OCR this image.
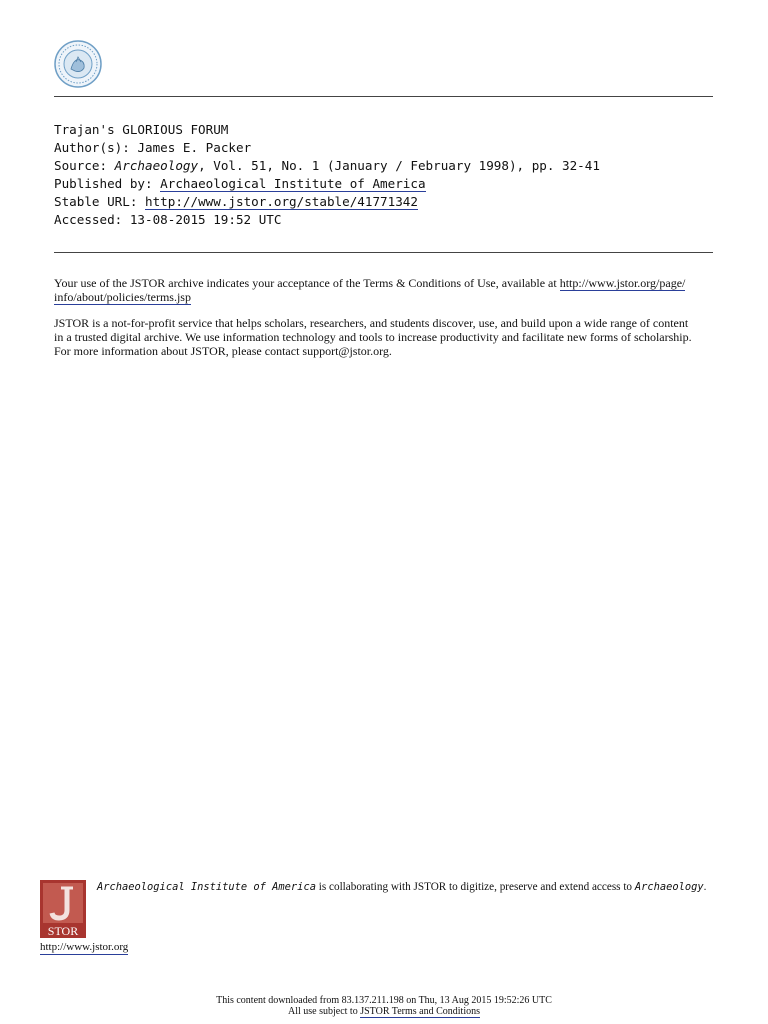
Trajan's GLORIOUS FORUM
Author(s): James E. Packer
Source: Archaeology, Vol. 51, No. 1 (January / February 1998), pp. 32-41
Published by: Archaeological Institute of America
Stable URL: http://www.jstor.org/stable/41771342
Accessed: 13-08-2015 19:52 UTC

Your use of the JSTOR archive indicates your acceptance of the Terms & Conditions of Use, available at http://www.jstor.org/page/
info/about/policies/terms.jsp

JSTOR is a not-for-profit service that helps scholars, researchers, and students discover, use, and build upon a wide range of content
in a trusted digital archive. We use information technology and tools to increase productivity and facilitate new forms of scholarship.
For more information about JSTOR, please contact support@jstor.org.

STOR
Archaeological Institute of America is collaborating with JSTOR to digitize, preserve and extend access to Archaeology.
http://www.jstor.org
This content downloaded from 83.137.211.198 on Thu, 13 Aug 2015 19:52:26 UTC
All use subject to JSTOR Terms and Conditions
